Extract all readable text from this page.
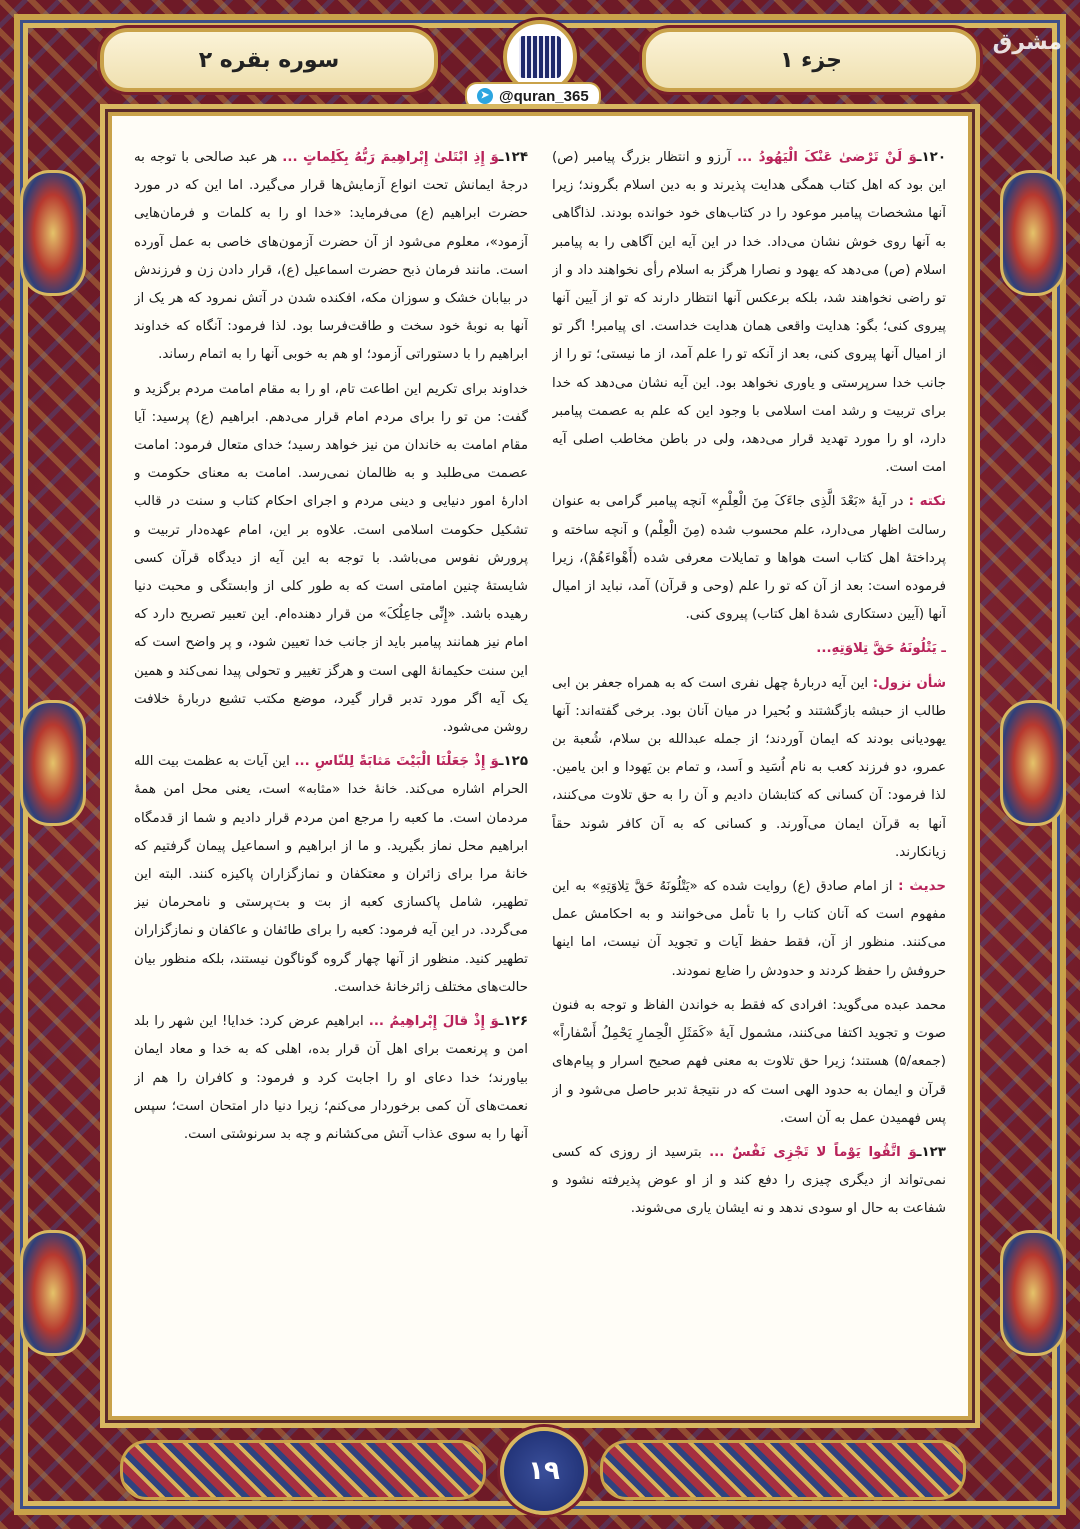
جزء ۱
سوره بقره ۲
مشرق
➤ @quran_365

۱۲۰ـوَ لَنْ تَرْضىٰ عَنْکَ الْیَهُودُ ... آرزو و انتظار بزرگ پیامبر (ص) این بود که اهل کتاب همگی هدایت پذیرند و به دین اسلام بگروند؛ زیرا آنها مشخصات پیامبر موعود را در کتاب‌های خود خوانده بودند. لذاگاهی به آنها روی خوش نشان می‌داد. خدا در این آیه این آگاهی را به پیامبر اسلام (ص) می‌دهد که یهود و نصارا هرگز به اسلام رأی نخواهند داد و از تو راضی نخواهند شد، بلکه برعکس آنها انتظار دارند که تو از آیین آنها پیروی کنی؛ بگو: هدایت واقعی همان هدایت خداست. ای پیامبر! اگر تو از امیال آنها پیروی کنی، بعد از آنکه تو را علم آمد، از ما نیستی؛ تو را از جانب خدا سرپرستی و یاوری نخواهد بود. این آیه نشان می‌دهد که خدا برای تربیت و رشد امت اسلامی با وجود این که علم به عصمت پیامبر دارد، او را مورد تهدید قرار می‌دهد، ولی در باطن مخاطب اصلی آیه امت است.

نکته : در آیهٔ «بَعْدَ الَّذِی جاءَکَ مِنَ الْعِلْمِ» آنچه پیامبر گرامی به عنوان رسالت اظهار می‌دارد، علم محسوب شده (مِنَ الْعِلْم) و آنچه ساخته و پرداختهٔ اهل کتاب است هواها و تمایلات معرفی شده (أَهْواءَهُمْ)، زیرا فرموده است: بعد از آن که تو را علم (وحی و قرآن) آمد، نباید از امیال آنها (آیین دستکاری شدهٔ اهل کتاب) پیروی کنی.

ـ یَتْلُونَهُ حَقَّ تِلاوَتِهِ...

شأن نزول: این آیه دربارهٔ چهل نفری است که به همراه جعفر بن ابی طالب از حبشه بازگشتند و بُحیرا در میان آنان بود. برخی گفته‌اند: آنها یهودیانی بودند که ایمان آوردند؛ از جمله عبدالله بن سلام، شُعبة بن عمرو، دو فرزند کعب به نام اُسَید و اَسد، و تمام بن یَهودا و ابن یامین. لذا فرمود: آن کسانی که کتابشان دادیم و آن را به حق تلاوت می‌کنند، آنها به قرآن ایمان می‌آورند. و کسانی که به آن کافر شوند حقاً زیانکارند.

حدیث : از امام صادق (ع) روایت شده که «یَتْلُونَهُ حَقَّ تِلاوَتِهِ» به این مفهوم است که آنان کتاب را با تأمل می‌خوانند و به احکامش عمل می‌کنند. منظور از آن، فقط حفظ آیات و تجوید آن نیست، اما اینها حروفش را حفظ کردند و حدودش را ضایع نمودند.

محمد عبده می‌گوید: افرادی که فقط به خواندن الفاظ و توجه به فنون صوت و تجوید اکتفا می‌کنند، مشمول آیهٔ «کَمَثَلِ الْحِمارِ یَحْمِلُ أَسْفاراً» (جمعه/۵) هستند؛ زیرا حق تلاوت به معنی فهم صحیح اسرار و پیام‌های قرآن و ایمان به حدود الهی است که در نتیجهٔ تدبر حاصل می‌شود و از پس فهمیدن عمل به آن است.

۱۲۳ـوَ اتَّقُوا یَوْماً لا تَجْزِی نَفْسٌ ... بترسید از روزی که کسی نمی‌تواند از دیگری چیزی را دفع کند و از او عوض پذیرفته نشود و شفاعت به حال او سودی ندهد و نه ایشان یاری می‌شوند.

۱۲۴ـوَ إِذِ ابْتَلىٰ إِبْراهِیمَ رَبُّهُ بِکَلِماتٍ ... هر عبد صالحی با توجه به درجهٔ ایمانش تحت انواع آزمایش‌ها قرار می‌گیرد. اما این که در مورد حضرت ابراهیم (ع) می‌فرماید: «خدا او را به کلمات و فرمان‌هایی آزمود»، معلوم می‌شود از آن حضرت آزمون‌های خاصی به عمل آورده است. مانند فرمان ذبح حضرت اسماعیل (ع)، قرار دادن زن و فرزندش در بیابان خشک و سوزان مکه، افکنده شدن در آتش نمرود که هر یک از آنها به نوبهٔ خود سخت و طاقت‌فرسا بود. لذا فرمود: آنگاه که خداوند ابراهیم را با دستوراتی آزمود؛ او هم به خوبی آنها را به اتمام رساند.

خداوند برای تکریم این اطاعت تام، او را به مقام امامت مردم برگزید و گفت: من تو را برای مردم امام قرار می‌دهم. ابراهیم (ع) پرسید: آیا مقام امامت به خاندان من نیز خواهد رسید؛ خدای متعال فرمود: امامت عصمت می‌طلبد و به ظالمان نمی‌رسد. امامت به معنای حکومت و ادارهٔ امور دنیایی و دینی مردم و اجرای احکام کتاب و سنت در قالب تشکیل حکومت اسلامی است. علاوه بر این، امام عهده‌دار تربیت و پرورش نفوس می‌باشد. با توجه به این آیه از دیدگاه قرآن کسی شایستهٔ چنین امامتی است که به طور کلی از وابستگی و محبت دنیا رهیده باشد. «إِنِّی جاعِلُکَ» من قرار دهنده‌ام. این تعبیر تصریح دارد که امام نیز همانند پیامبر باید از جانب خدا تعیین شود، و پر واضح است که این سنت حکیمانهٔ الهی است و هرگز تغییر و تحولی پیدا نمی‌کند و همین یک آیه اگر مورد تدبر قرار گیرد، موضع مکتب تشیع دربارهٔ خلافت روشن می‌شود.

۱۲۵ـوَ إِذْ جَعَلْنَا الْبَیْتَ مَثابَةً لِلنّاسِ ... این آیات به عظمت بیت الله الحرام اشاره می‌کند. خانهٔ خدا «مثابه» است، یعنی محل امن همهٔ مردمان است. ما کعبه را مرجع امن مردم قرار دادیم و شما از قدمگاه ابراهیم محل نماز بگیرید. و ما از ابراهیم و اسماعیل پیمان گرفتیم که خانهٔ مرا برای زائران و معتکفان و نمازگزاران پاکیزه کنند. البته این تطهیر، شامل پاکسازی کعبه از بت و بت‌پرستی و نامحرمان نیز می‌گردد. در این آیه فرمود: کعبه را برای طائفان و عاکفان و نمازگزاران تطهیر کنید. منظور از آنها چهار گروه گوناگون نیستند، بلکه منظور بیان حالت‌های مختلف زائرخانهٔ خداست.

۱۲۶ـوَ إِذْ قالَ إِبْراهِیمُ ... ابراهیم عرض کرد: خدایا! این شهر را بلد امن و پرنعمت برای اهل آن قرار بده، اهلی که به خدا و معاد ایمان بیاورند؛ خدا دعای او را اجابت کرد و فرمود: و کافران را هم از نعمت‌های آن کمی برخوردار می‌کنم؛ زیرا دنیا دار امتحان است؛ سپس آنها را به سوی عذاب آتش می‌کشانم و چه بد سرنوشتی است.

۱۹
